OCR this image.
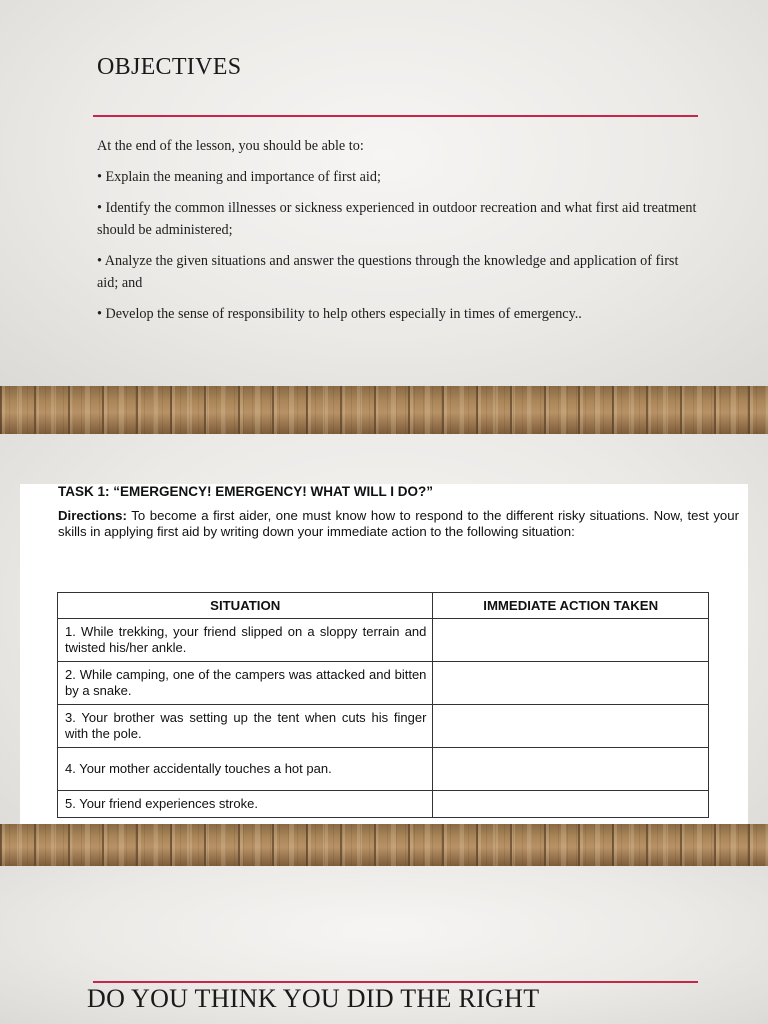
OBJECTIVES

At the end of the lesson, you should be able to:

• Explain the meaning and importance of first aid;

• Identify the common illnesses or sickness experienced in outdoor recreation and what first aid treatment should be administered;

• Analyze the given situations and answer the questions through the knowledge and application of first aid; and

• Develop the sense of responsibility to help others especially in times of emergency..

TASK 1: “EMERGENCY! EMERGENCY! WHAT WILL I DO?”
Directions: To become a first aider, one must know how to respond to the different risky situations. Now, test your skills in applying first aid by writing down your immediate action to the following situation:
SITUATION	IMMEDIATE ACTION TAKEN
1. While trekking, your friend slipped on a sloppy terrain and twisted his/her ankle.	
2. While camping, one of the campers was attacked and bitten by a snake.	
3. Your brother was setting up the tent when cuts his finger with the pole.	
4. Your mother accidentally touches a hot pan.	
5. Your friend experiences stroke.	
DO YOU THINK YOU DID THE RIGHT
